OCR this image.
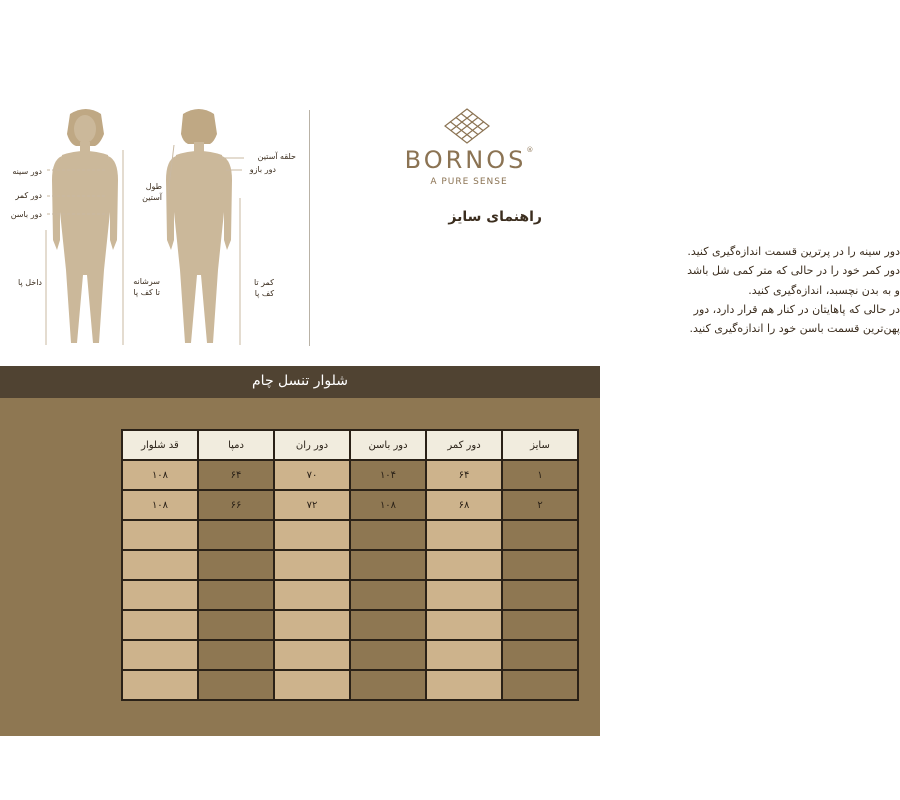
دور سینه
دور کمر
دور باسن
داخل پا	سرشانه
تا کف پا
طول
آستین
حلقه آستین
دور بازو
کمر تا
کف پا
BORNOS®
A PURE SENSE
راهنمای سایز
دور سینه را در پرترین قسمت اندازه‌گیری کنید.
دور کمر خود را در حالی که متر کمی شل باشد
و به بدن نچسبد، اندازه‌گیری کنید.
در حالی که پاهایتان در کنار هم قرار دارد، دور
پهن‌ترین قسمت باسن خود را اندازه‌گیری کنید.
شلوار تنسل چام
سایز	دور کمر	دور باسن	دور ران	دمپا	قد شلوار
۱	۶۴	۱۰۴	۷۰	۶۴	۱۰۸
۲	۶۸	۱۰۸	۷۲	۶۶	۱۰۸
